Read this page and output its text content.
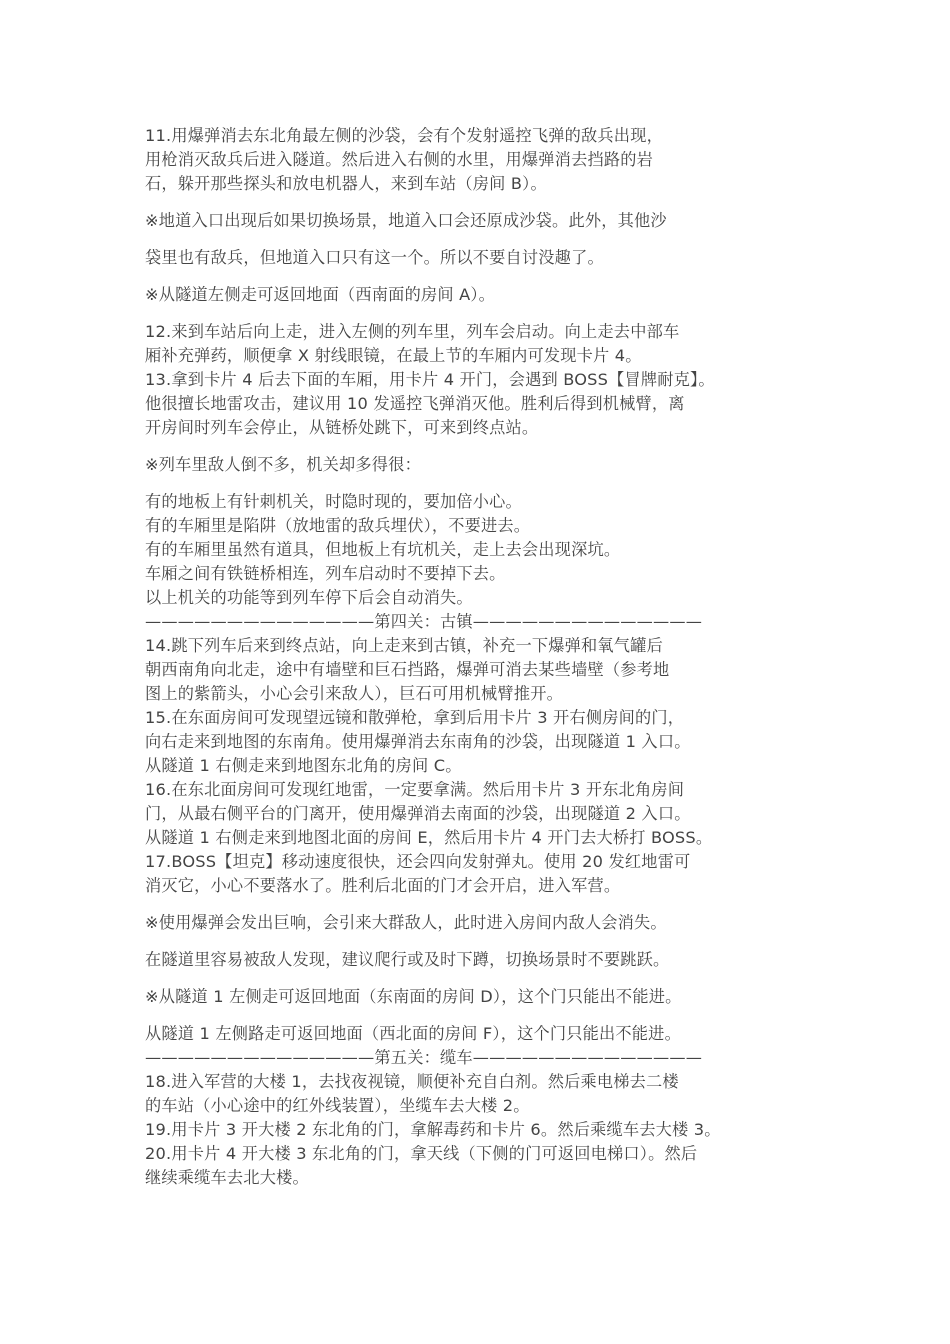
11.用爆弹消去东北角最左侧的沙袋，会有个发射遥控飞弹的敌兵出现，
用枪消灭敌兵后进入隧道。然后进入右侧的水里，用爆弹消去挡路的岩
石，躲开那些探头和放电机器人，来到车站（房间 B）。
※地道入口出现后如果切换场景，地道入口会还原成沙袋。此外，其他沙
袋里也有敌兵，但地道入口只有这一个。所以不要自讨没趣了。
※从隧道左侧走可返回地面（西南面的房间 A）。
12.来到车站后向上走，进入左侧的列车里，列车会启动。向上走去中部车
厢补充弹药，顺便拿 X 射线眼镜，在最上节的车厢内可发现卡片 4。
13.拿到卡片 4 后去下面的车厢，用卡片 4 开门，会遇到 BOSS【冒牌耐克】。
他很擅长地雷攻击，建议用 10 发遥控飞弹消灭他。胜利后得到机械臂，离
开房间时列车会停止，从链桥处跳下，可来到终点站。
※列车里敌人倒不多，机关却多得很：
有的地板上有针刺机关，时隐时现的，要加倍小心。
有的车厢里是陷阱（放地雷的敌兵埋伏），不要进去。
有的车厢里虽然有道具，但地板上有坑机关，走上去会出现深坑。
车厢之间有铁链桥相连，列车启动时不要掉下去。
以上机关的功能等到列车停下后会自动消失。
——————————————第四关：古镇——————————————
14.跳下列车后来到终点站，向上走来到古镇，补充一下爆弹和氧气罐后
朝西南角向北走，途中有墙壁和巨石挡路，爆弹可消去某些墙壁（参考地
图上的紫箭头，小心会引来敌人），巨石可用机械臂推开。
15.在东面房间可发现望远镜和散弹枪，拿到后用卡片 3 开右侧房间的门，
向右走来到地图的东南角。使用爆弹消去东南角的沙袋，出现隧道 1 入口。
从隧道 1 右侧走来到地图东北角的房间 C。
16.在东北面房间可发现红地雷，一定要拿满。然后用卡片 3 开东北角房间
门，从最右侧平台的门离开，使用爆弹消去南面的沙袋，出现隧道 2 入口。
从隧道 1 右侧走来到地图北面的房间 E，然后用卡片 4 开门去大桥打 BOSS。
17.BOSS【坦克】移动速度很快，还会四向发射弹丸。使用 20 发红地雷可
消灭它，小心不要落水了。胜利后北面的门才会开启，进入军营。
※使用爆弹会发出巨响，会引来大群敌人，此时进入房间内敌人会消失。
在隧道里容易被敌人发现，建议爬行或及时下蹲，切换场景时不要跳跃。
※从隧道 1 左侧走可返回地面（东南面的房间 D），这个门只能出不能进。
从隧道 1 左侧路走可返回地面（西北面的房间 F），这个门只能出不能进。
——————————————第五关：缆车——————————————
18.进入军营的大楼 1，去找夜视镜，顺便补充自白剂。然后乘电梯去二楼
的车站（小心途中的红外线装置），坐缆车去大楼 2。
19.用卡片 3 开大楼 2 东北角的门，拿解毒药和卡片 6。然后乘缆车去大楼 3。
20.用卡片 4 开大楼 3 东北角的门，拿天线（下侧的门可返回电梯口）。然后
继续乘缆车去北大楼。
